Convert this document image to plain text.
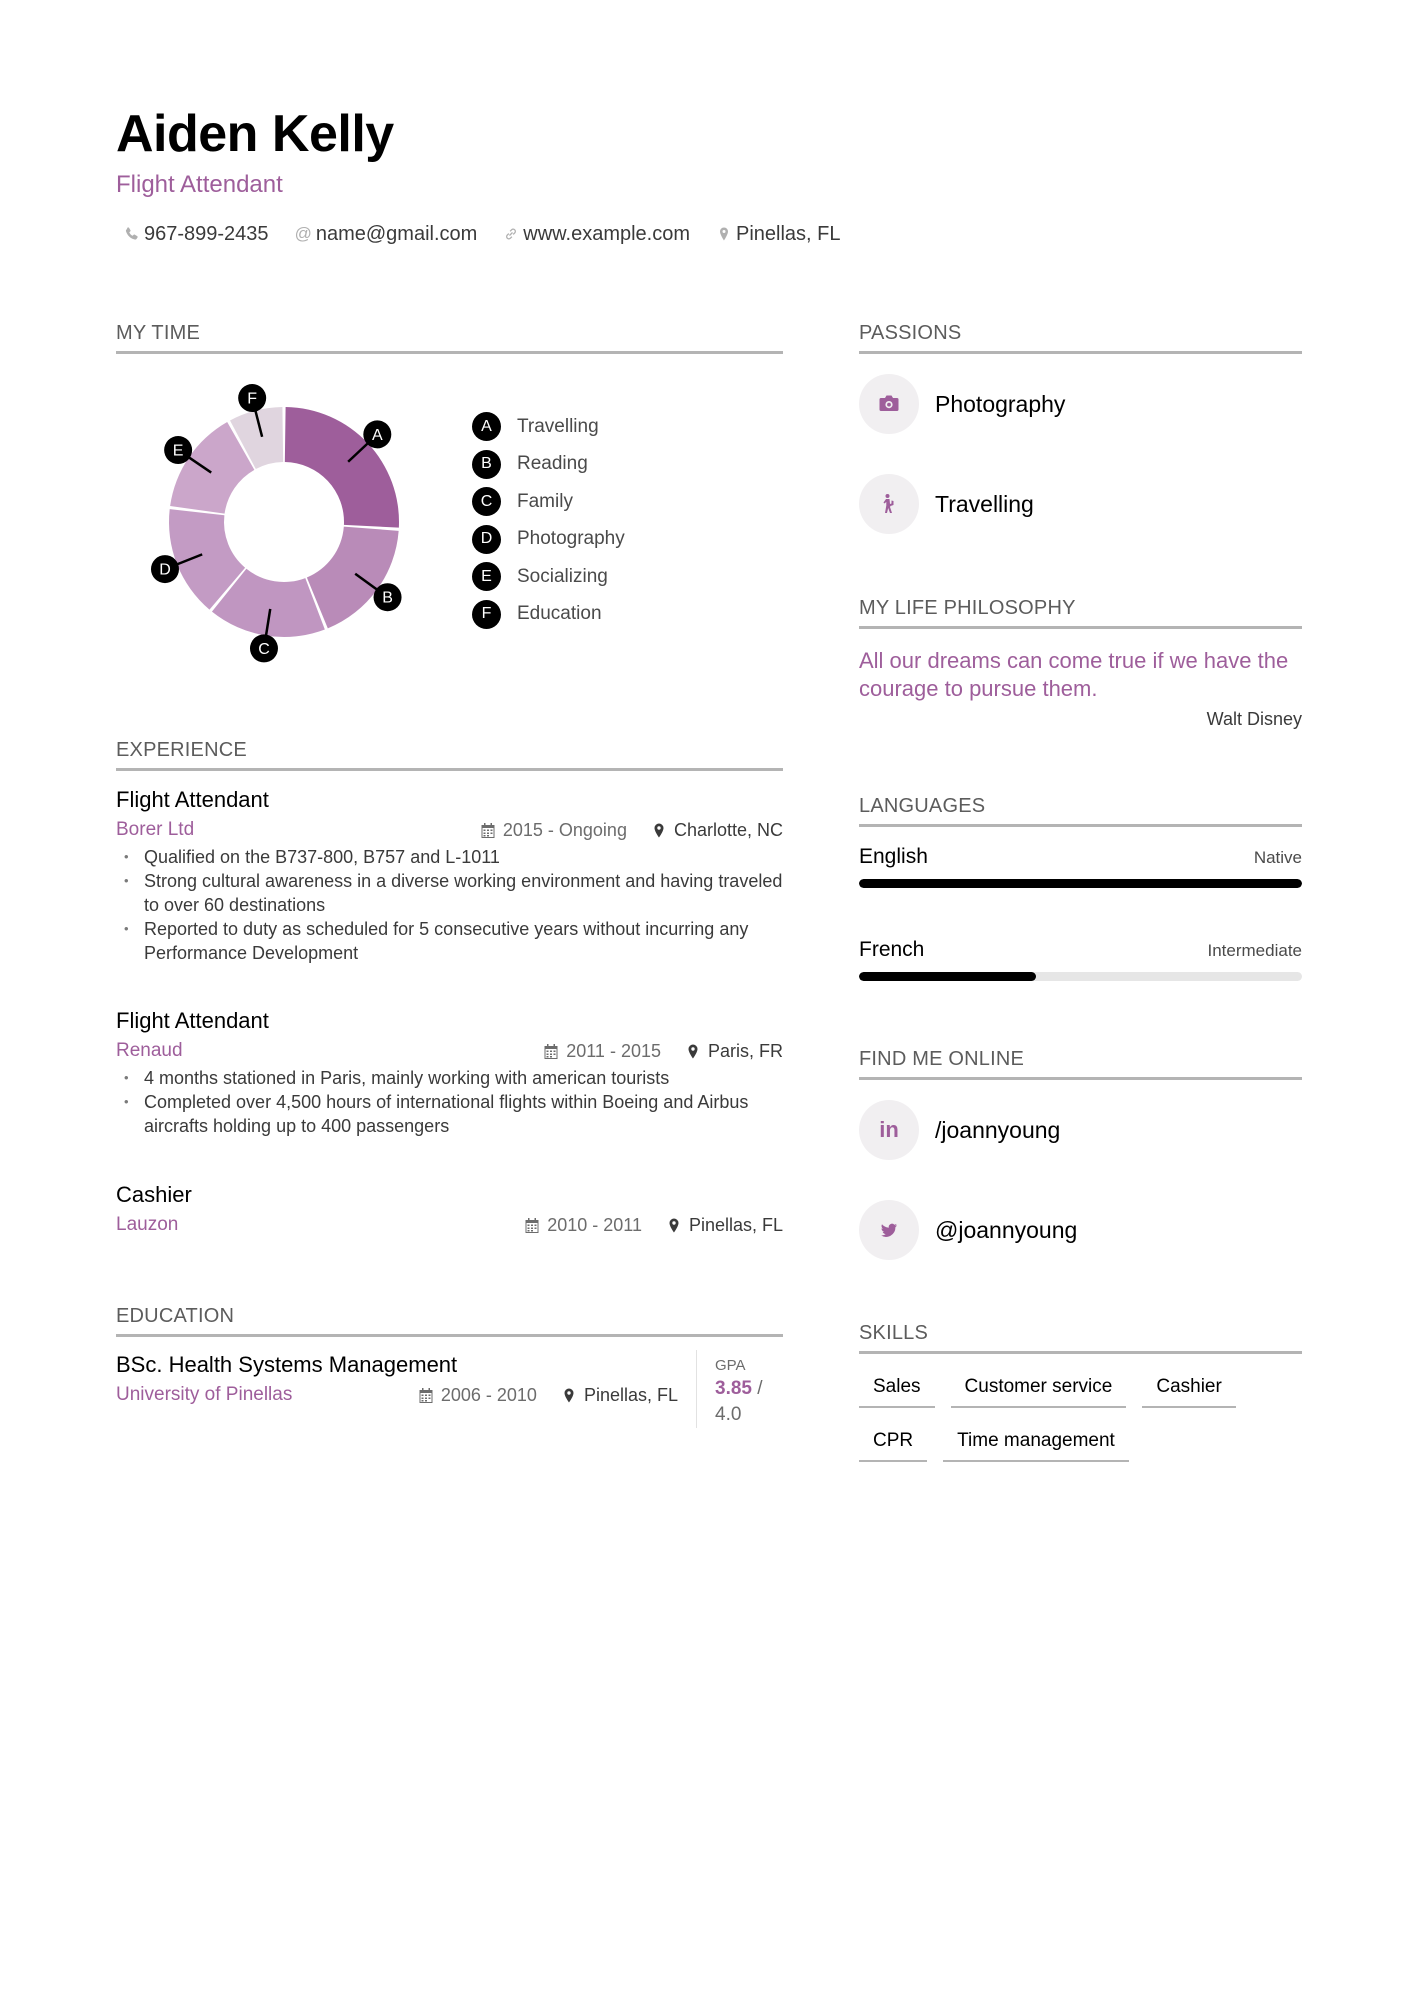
Aiden Kelly
Flight Attendant
967-899-2435 @ name@gmail.com www.example.com Pinellas, FL
MY TIME
A
B
C
D
E
F
A	Travelling
B	Reading
C	Family
D	Photography
E	Socializing
F	Education
EXPERIENCE
Flight Attendant
Borer Ltd	2015 - Ongoing	Charlotte, NC
• Qualified on the B737-800, B757 and L-1011
• Strong cultural awareness in a diverse working environment and having traveled to over 60 destinations
• Reported to duty as scheduled for 5 consecutive years without incurring any Performance Development
Flight Attendant
Renaud	2011 - 2015	Paris, FR
• 4 months stationed in Paris, mainly working with american tourists
• Completed over 4,500 hours of international flights within Boeing and Airbus aircrafts holding up to 400 passengers
Cashier
Lauzon	2010 - 2011	Pinellas, FL
EDUCATION
BSc. Health Systems Management
University of Pinellas	2006 - 2010	Pinellas, FL
GPA
3.85 / 4.0
PASSIONS
Photography
Travelling
MY LIFE PHILOSOPHY
All our dreams can come true if we have the courage to pursue them.
Walt Disney
LANGUAGES
English	Native
French	Intermediate
FIND ME ONLINE
in /joannyoung
@joannyoung
SKILLS
Sales	Customer service	Cashier
CPR	Time management
